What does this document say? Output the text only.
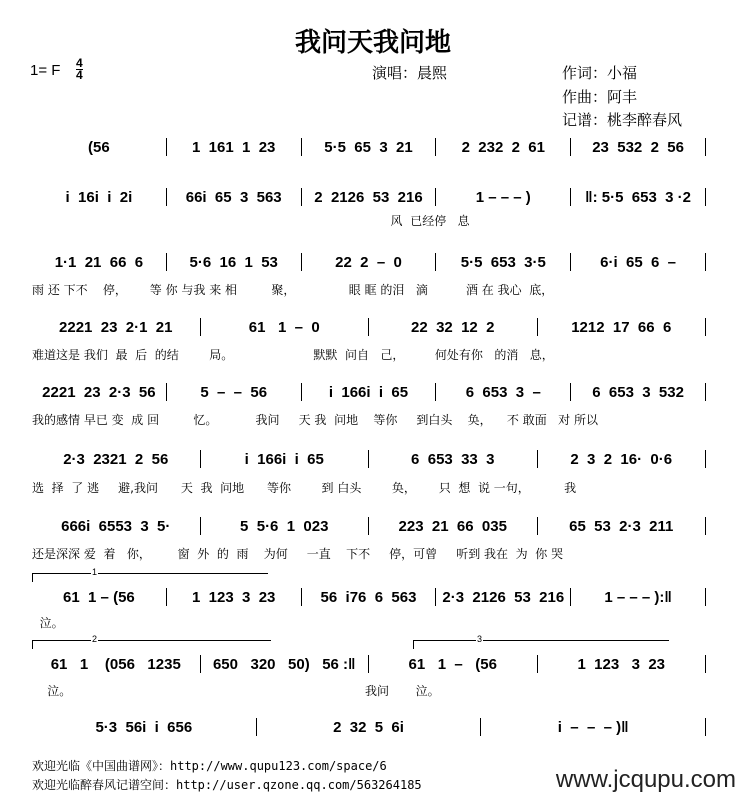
我问天我问地
1= F 4
4	演唱：晨熙	作词：小福
作曲：阿丰
记谱：桃李醉春风
(56	1  161  1  23	5·5  65  3  21	2  232  2  61	23  532  2  56
i  16i  i  2i	66i  65  3  563	2  2126  53  216	1 – – – )	‖: 5·5  653  3 ·2
风  已经停   息
1·1  21  66  6	5·6  16  1  53	22  2  –  0	5·5  653  3·5	6·i  65  6  –
雨 还 下不    停，      等 你 与我 来 相         聚，              眼 眶 的泪   滴          酒 在 我心  底，
2221  23  2·1  21	61   1  –  0	22  32  12  2	1212  17  66  6
难道这是 我们  最  后  的结        局。                     默默  问自   己，        何处有你   的消   息，
2221  23  2·3  56	5  –  –  56	i  166i  i  65	6  653  3  –	6  653  3  532
我的感情 早已 变  成 回         忆。          我问     天 我  问地    等你     到白头    奂，    不 敢面   对 所以
2·3  2321  2  56	i  166i  i  65	6  653  33  3	2  3  2  16·  0·6
选  择  了 逃     避,我问      天  我  问地      等你        到 白头        奂，      只  想  说 一句，         我
666i  6553  3  5·	5  5·6  1  023	223  21  66  035	65  53  2·3  211
还是深深 爱  着   你，       窗  外  的  雨    为何     一直    下不     停，可曾     听到 我在  为  你 哭
61  1 – (56	1  123  3  23	56  i76  6  563	2·3  2126  53  216	1 – – – ):‖
泣。
61   1    (056   1235	650   320   50)   56 :‖	61   1  –   (56	1  123   3  23
泣。                                                                             我问       泣。
5·3  56i  i  656	2  32  5  6i	i  –  –  – )‖
1
2	3
欢迎光临《中国曲谱网》：http://www.qupu123.com/space/6
欢迎光临醉春风记谱空间：http://user.qzone.qq.com/563264185	www.jcqupu.com
